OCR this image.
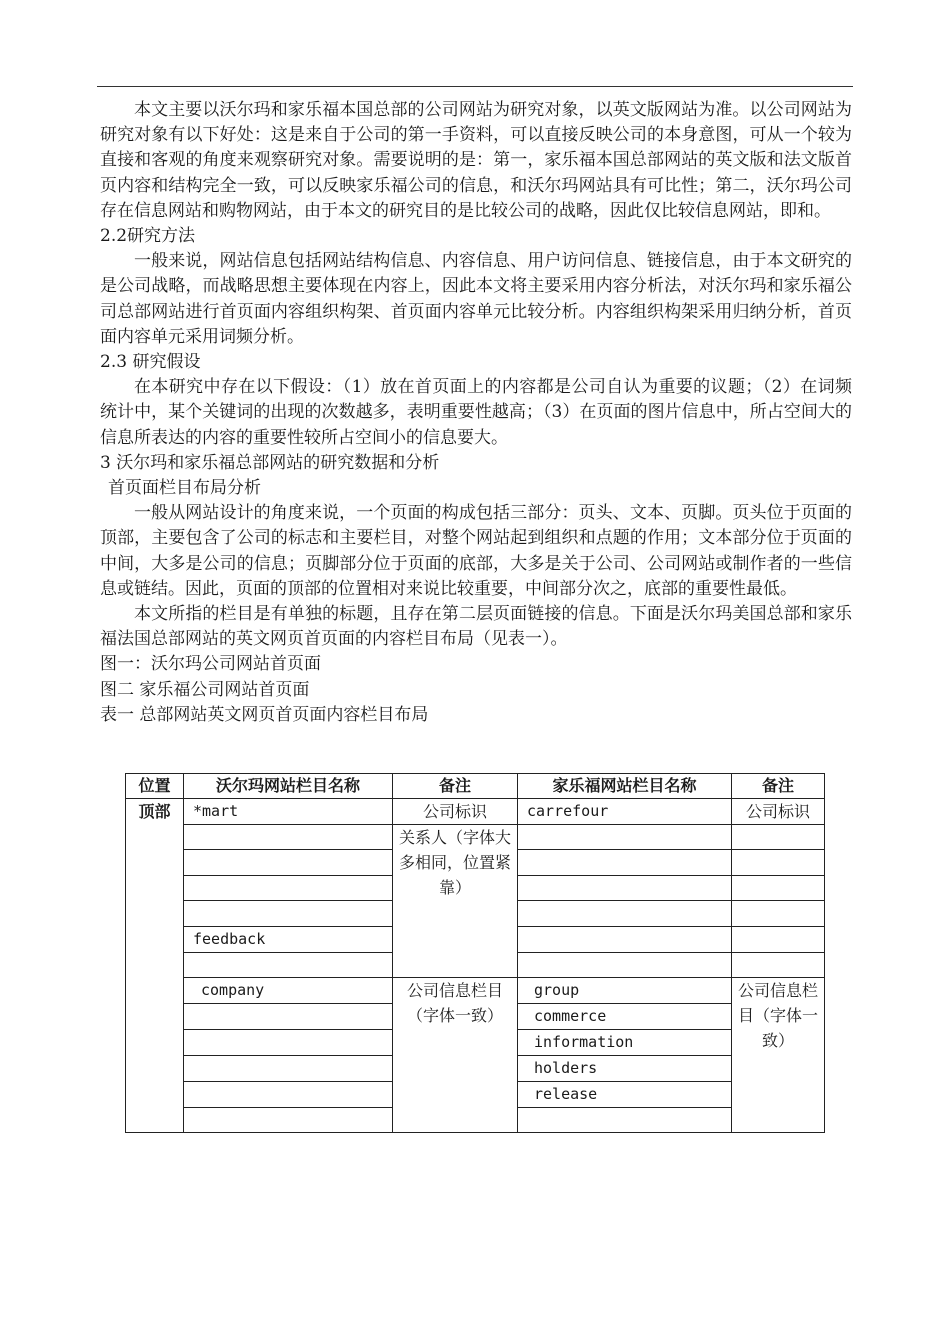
本文主要以沃尔玛和家乐福本国总部的公司网站为研究对象，以英文版网站为准。以公司网站为研究对象有以下好处：这是来自于公司的第一手资料，可以直接反映公司的本身意图，可从一个较为直接和客观的角度来观察研究对象。需要说明的是：第一，家乐福本国总部网站的英文版和法文版首页内容和结构完全一致，可以反映家乐福公司的信息，和沃尔玛网站具有可比性；第二，沃尔玛公司存在信息网站和购物网站，由于本文的研究目的是比较公司的战略，因此仅比较信息网站，即和。

2.2研究方法

一般来说，网站信息包括网站结构信息、内容信息、用户访问信息、链接信息，由于本文研究的是公司战略，而战略思想主要体现在内容上，因此本文将主要采用内容分析法，对沃尔玛和家乐福公司总部网站进行首页面内容组织构架、首页面内容单元比较分析。内容组织构架采用归纳分析，首页面内容单元采用词频分析。

2.3 研究假设

在本研究中存在以下假设：（1）放在首页面上的内容都是公司自认为重要的议题；（2）在词频统计中，某个关键词的出现的次数越多，表明重要性越高；（3）在页面的图片信息中，所占空间大的信息所表达的内容的重要性较所占空间小的信息要大。

3 沃尔玛和家乐福总部网站的研究数据和分析

首页面栏目布局分析

一般从网站设计的角度来说，一个页面的构成包括三部分：页头、文本、页脚。页头位于页面的顶部，主要包含了公司的标志和主要栏目，对整个网站起到组织和点题的作用；文本部分位于页面的中间，大多是公司的信息；页脚部分位于页面的底部，大多是关于公司、公司网站或制作者的一些信息或链结。因此，页面的顶部的位置相对来说比较重要，中间部分次之，底部的重要性最低。

本文所指的栏目是有单独的标题，且存在第二层页面链接的信息。下面是沃尔玛美国总部和家乐福法国总部网站的英文网页首页面的内容栏目布局（见表一）。

图一：沃尔玛公司网站首页面

图二 家乐福公司网站首页面

表一 总部网站英文网页首页面内容栏目布局

位置	沃尔玛网站栏目名称	备注	家乐福网站栏目名称	备注
顶部	*mart	公司标识	carrefour	公司标识

		关系人（字体大多相同，位置紧靠）		

	feedback			

	company	公司信息栏目（字体一致）	group	公司信息栏目（字体一致）
			commerce	
			information	
			holders	
			release	
